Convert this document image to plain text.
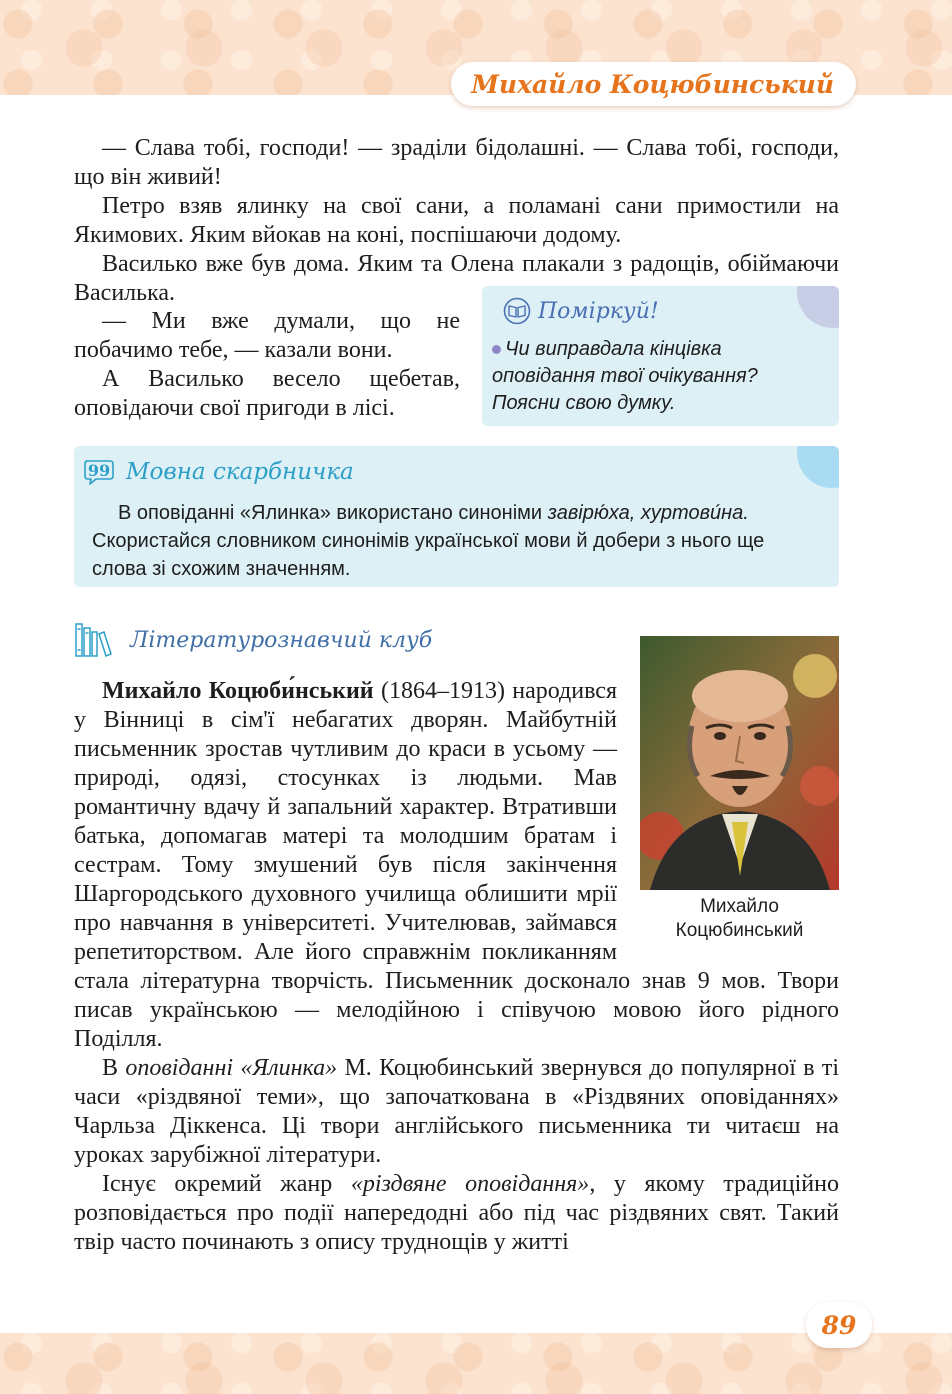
Михайло Коцюбинський

— Слава тобі, господи! — зраділи бідолашні. — Слава тобі, господи, що він живий!

Петро взяв ялинку на свої сани, а поламані сани примостили на Якимових. Яким вйокав на коні, поспішаючи додому.

Василько вже був дома. Яким та Олена плакали з радощів, обіймаючи Василька.

— Ми вже думали, що не побачимо тебе, — казали вони.

А Василько весело щебетав, оповідаючи свої пригоди в лісі.

Поміркуй!
Чи виправдала кінцівка оповідання твої очікування? Поясни свою думку.
99 Мовна скарбничка
В оповіданні «Ялинка» використано синоніми завірю́ха, хуртови́на. Скористайся словником синонімів української мови й добери з нього ще слова зі схожим значенням.
Літературознавчий клуб
Михайло
Коцюбинський

Михайло Коцюби́нський (1864–1913) народився у Вінниці в сім'ї небагатих дворян. Майбутній письменник зростав чутливим до краси в усьому — природі, одязі, стосунках із людьми. Мав романтичну вдачу й запальний характер. Втративши батька, допомагав матері та молодшим братам і сестрам. Тому змушений був після закінчення Шаргородського духовного училища облишити мрії про навчання в університеті. Учителював, займався репетиторством. Але його справжнім покликанням стала літературна творчість. Письменник досконало знав 9 мов. Твори писав українською — мелодійною і співучою мовою його рідного Поділля.

В оповіданні «Ялинка» М. Коцюбинський звернувся до популярної в ті часи «різдвяної теми», що започаткована в «Різдвяних оповіданнях» Чарльза Діккенса. Ці твори англійського письменника ти читаєш на уроках зарубіжної літератури.

Існує окремий жанр «різдвяне оповідання», у якому традиційно розповідається про події напередодні або під час різдвяних свят. Такий твір часто починають з опису труднощів у житті

89
